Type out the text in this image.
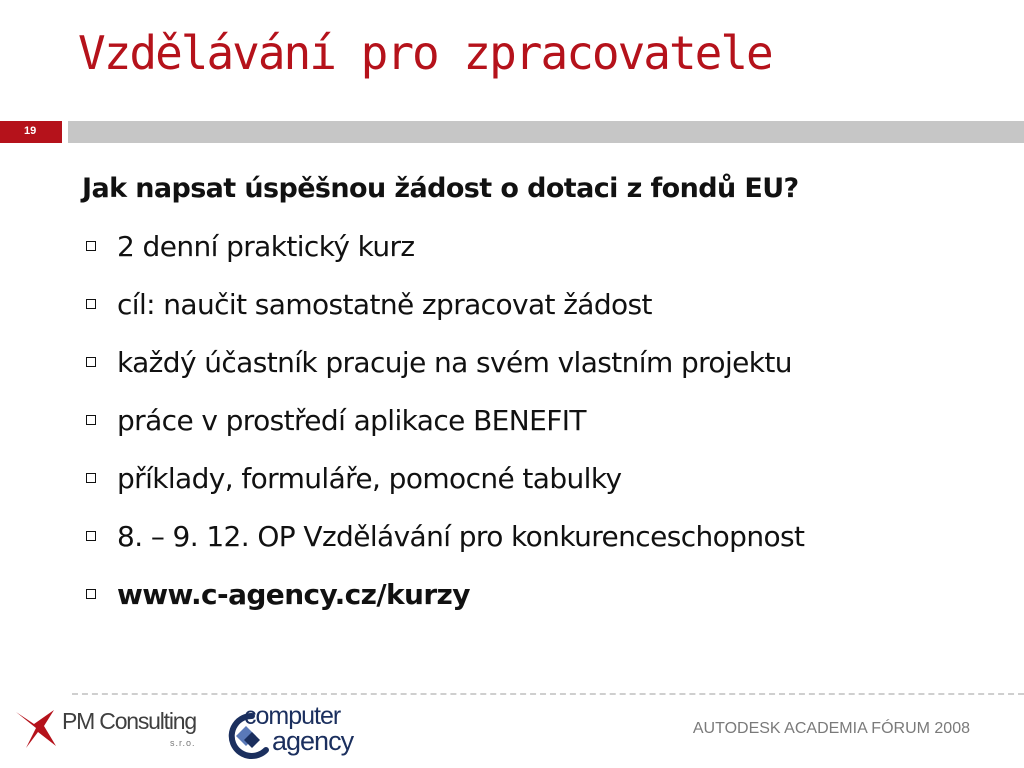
Vzdělávání pro zpracovatele
19
Jak napsat úspěšnou žádost o dotaci z fondů EU?
2 denní praktický kurz
cíl: naučit samostatně zpracovat žádost
každý účastník pracuje na svém vlastním projektu
práce v prostředí aplikace BENEFIT
příklady, formuláře, pomocné tabulky
8. – 9. 12. OP Vzdělávání pro konkurenceschopnost
www.c-agency.cz/kurzy
PM Consulting
s.r.o.
computer
agency	AUTODESK ACADEMIA FÓRUM 2008
